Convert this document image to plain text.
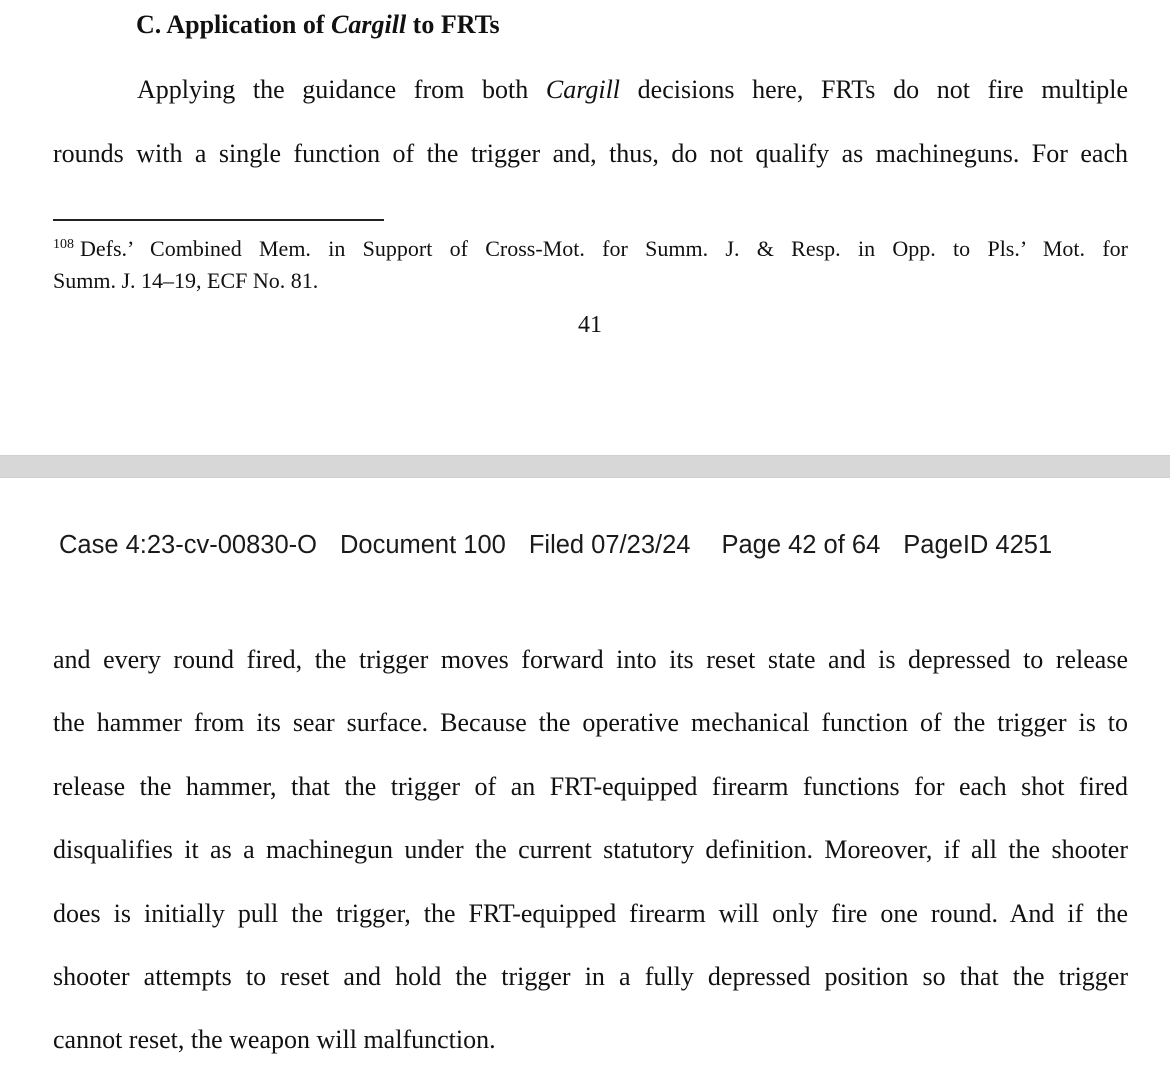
C. Application of Cargill to FRTs
Applying the guidance from both Cargill decisions here, FRTs do not fire multiple
rounds with a single function of the trigger and, thus, do not qualify as machineguns. For each
$^{108}$ Defs.’ Combined Mem. in Support of Cross-Mot. for Summ. J. & Resp. in Opp. to Pls.’ Mot. for
Summ. J. 14–19, ECF No. 81.
41
Case 4:23-cv-00830-O Document 100 Filed 07/23/24 Page 42 of 64 PageID 4251
and every round fired, the trigger moves forward into its reset state and is depressed to release
the hammer from its sear surface. Because the operative mechanical function of the trigger is to
release the hammer, that the trigger of an FRT-equipped firearm functions for each shot fired
disqualifies it as a machinegun under the current statutory definition. Moreover, if all the shooter
does is initially pull the trigger, the FRT-equipped firearm will only fire one round. And if the
shooter attempts to reset and hold the trigger in a fully depressed position so that the trigger
cannot reset, the weapon will malfunction.
